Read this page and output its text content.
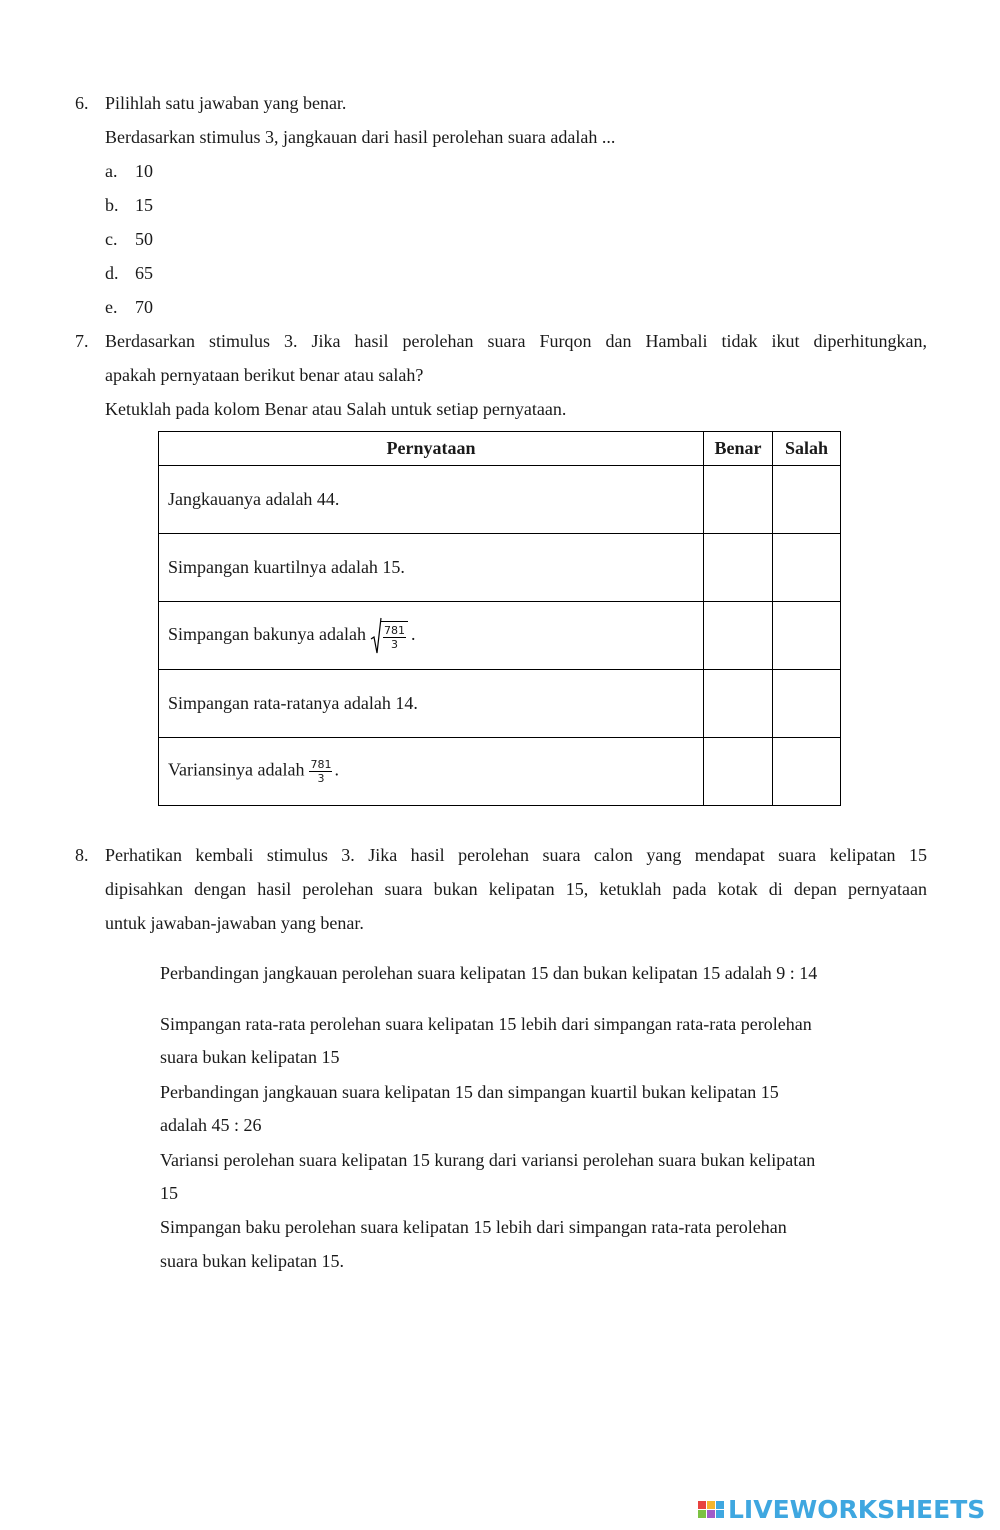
6. Pilihlah satu jawaban yang benar.
Berdasarkan stimulus 3, jangkauan dari hasil perolehan suara adalah ...
a. 10
b. 15
c. 50
d. 65
e. 70
7. Berdasarkan stimulus 3. Jika hasil perolehan suara Furqon dan Hambali tidak ikut diperhitungkan,
apakah pernyataan berikut benar atau salah?
Ketuklah pada kolom Benar atau Salah untuk setiap pernyataan.
Pernyataan	Benar	Salah
Jangkauanya adalah 44.		
Simpangan kuartilnya adalah 15.		
Simpangan bakunya adalah $\frac{781}{3}$ .		
Simpangan rata-ratanya adalah 14.		
Variansinya adalah $\frac{781}{3}$ .		
8. Perhatikan kembali stimulus 3. Jika hasil perolehan suara calon yang mendapat suara kelipatan 15
dipisahkan dengan hasil perolehan suara bukan kelipatan 15, ketuklah pada kotak di depan pernyataan
untuk jawaban-jawaban yang benar.
Perbandingan jangkauan perolehan suara kelipatan 15 dan bukan kelipatan 15 adalah 9 : 14
Simpangan rata-rata perolehan suara kelipatan 15 lebih dari simpangan rata-rata perolehan
suara bukan kelipatan 15
Perbandingan jangkauan suara kelipatan 15 dan simpangan kuartil bukan kelipatan 15
adalah 45 : 26
Variansi perolehan suara kelipatan 15 kurang dari variansi perolehan suara bukan kelipatan
15
Simpangan baku perolehan suara kelipatan 15 lebih dari simpangan rata-rata perolehan
suara bukan kelipatan 15.
LIVEWORKSHEETS
